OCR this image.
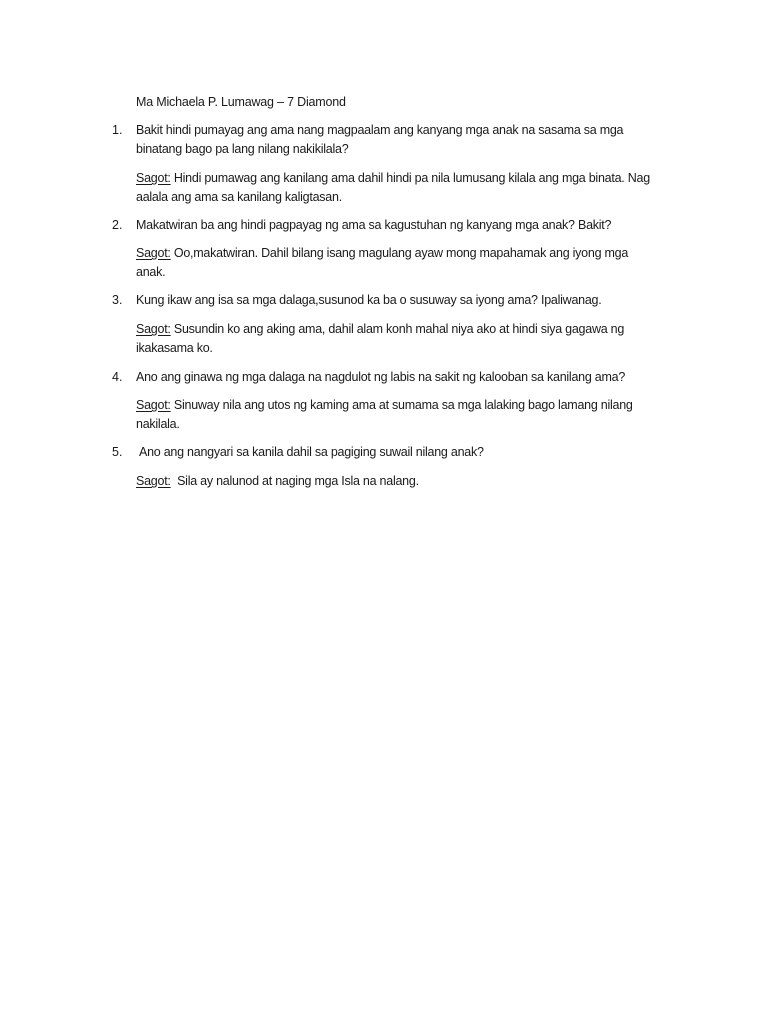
Ma Michaela P. Lumawag – 7 Diamond
1. Bakit hindi pumayag ang ama nang magpaalam ang kanyang mga anak na sasama sa mga binatang bago pa lang nilang nakikilala?
Sagot: Hindi pumawag ang kanilang ama dahil hindi pa nila lumusang kilala ang mga binata. Nag aalala ang ama sa kanilang kaligtasan.
2. Makatwiran ba ang hindi pagpayag ng ama sa kagustuhan ng kanyang mga anak? Bakit?
Sagot: Oo,makatwiran. Dahil bilang isang magulang ayaw mong mapahamak ang iyong mga anak.
3. Kung ikaw ang isa sa mga dalaga,susunod ka ba o susuway sa iyong ama? Ipaliwanag.
Sagot: Susundin ko ang aking ama, dahil alam konh mahal niya ako at hindi siya gagawa ng ikakasama ko.
4. Ano ang ginawa ng mga dalaga na nagdulot ng labis na sakit ng kalooban sa kanilang ama?
Sagot: Sinuway nila ang utos ng kaming ama at sumama sa mga lalaking bago lamang nilang nakilala.
5. Ano ang nangyari sa kanila dahil sa pagiging suwail nilang anak?
Sagot: Sila ay nalunod at naging mga Isla na nalang.
